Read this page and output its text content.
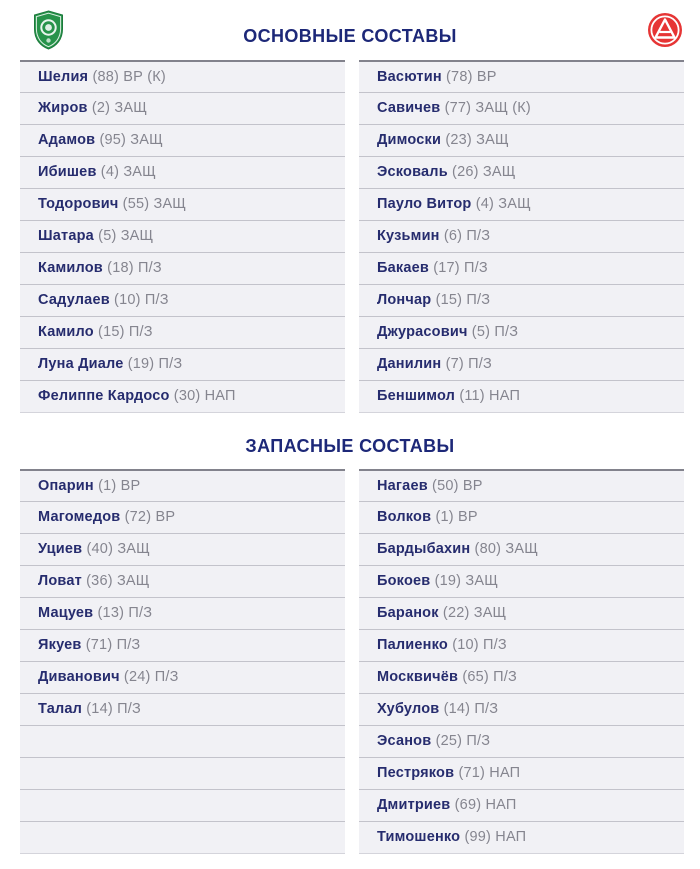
ОСНОВНЫЕ СОСТАВЫ
Шелия (88) ВР (К)
Жиров (2) ЗАЩ
Адамов (95) ЗАЩ
Ибишев (4) ЗАЩ
Тодорович (55) ЗАЩ
Шатара (5) ЗАЩ
Камилов (18) П/З
Садулаев (10) П/З
Камило (15) П/З
Луна Диале (19) П/З
Фелиппе Кардосо (30) НАП
Васютин (78) ВР
Савичев (77) ЗАЩ (К)
Димоски (23) ЗАЩ
Эсковаль (26) ЗАЩ
Пауло Витор (4) ЗАЩ
Кузьмин (6) П/З
Бакаев (17) П/З
Лончар (15) П/З
Джурасович (5) П/З
Данилин (7) П/З
Беншимол (11) НАП
ЗАПАСНЫЕ СОСТАВЫ
Опарин (1) ВР
Магомедов (72) ВР
Уциев (40) ЗАЩ
Ловат (36) ЗАЩ
Мацуев (13) П/З
Якуев (71) П/З
Диванович (24) П/З
Талал (14) П/З
Нагаев (50) ВР
Волков (1) ВР
Бардыбахин (80) ЗАЩ
Бокоев (19) ЗАЩ
Баранок (22) ЗАЩ
Палиенко (10) П/З
Москвичёв (65) П/З
Хубулов (14) П/З
Эсанов (25) П/З
Пестряков (71) НАП
Дмитриев (69) НАП
Тимошенко (99) НАП
